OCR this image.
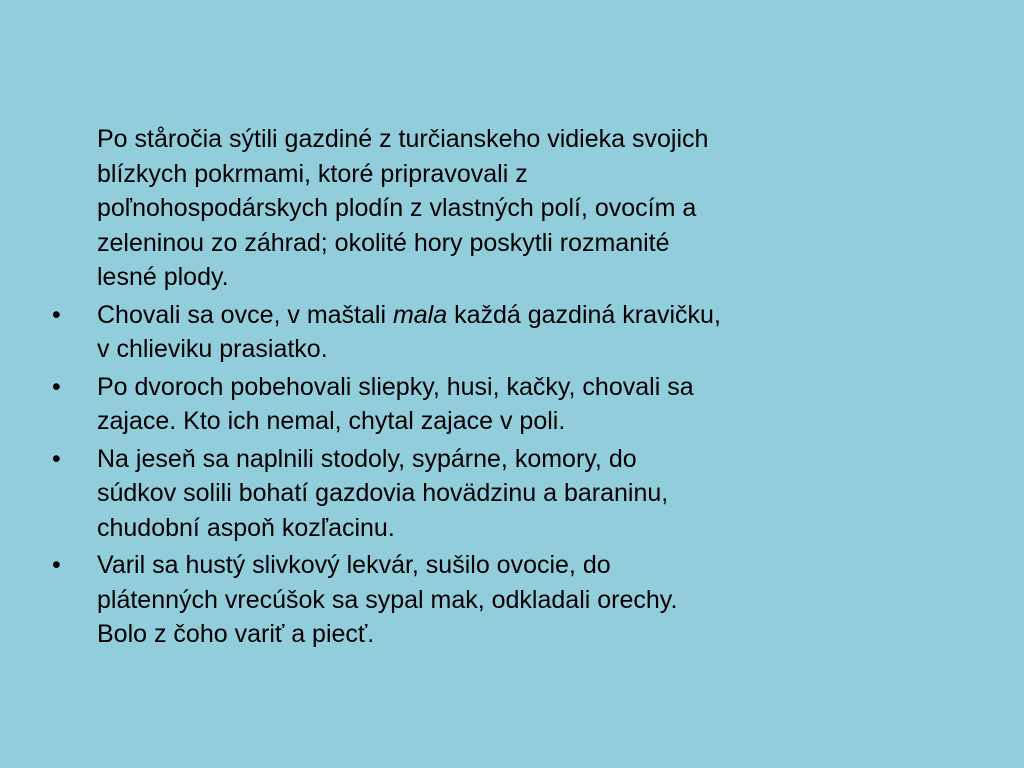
Po ståročia sýtili gazdiné z turčianskeho vidieka svojich
blízkych pokrmami, ktoré pripravovali z
poľnohospodárskych plodín z vlastných polí, ovocím a
zeleninou zo záhrad; okolité hory poskytli rozmanité
lesné plody.
•
Chovali sa ovce, v maštali mala každá gazdiná kravičku,
v chlieviku prasiatko.
•
Po dvoroch pobehovali sliepky, husi, kačky, chovali sa
zajace. Kto ich nemal, chytal zajace v poli.
•
Na jeseň sa naplnili stodoly, sypárne, komory, do
súdkov solili bohatí gazdovia hovädzinu a baraninu,
chudobní aspoň kozľacinu.
•
Varil sa hustý slivkový lekvár, sušilo ovocie, do
plátenných vrecúšok sa sypal mak, odkladali orechy.
Bolo z čoho variť a piecť.
